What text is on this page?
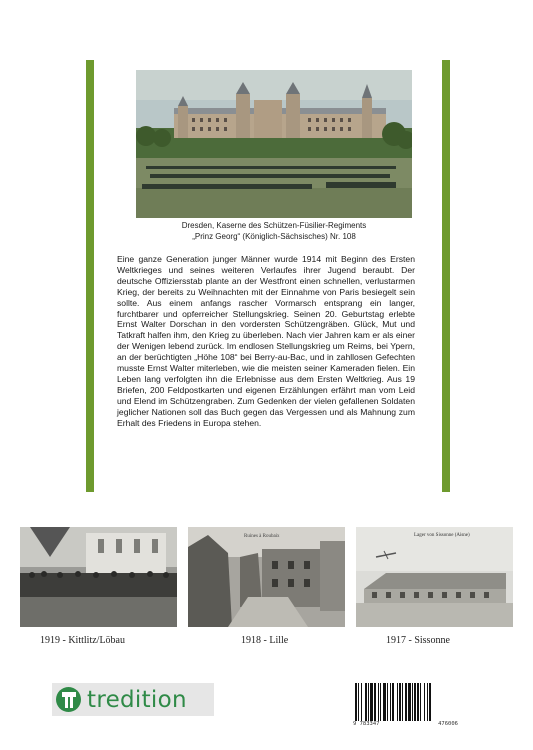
Dresden, Kaserne des Schützen-Füsilier-Regiments
„Prinz Georg“ (Königlich-Sächsisches) Nr. 108
Eine ganze Generation junger Männer wurde 1914 mit Beginn des Ersten Weltkrieges und seines weiteren Verlaufes ihrer Jugend beraubt. Der deutsche Offiziersstab plante an der Westfront einen schnellen, verlustarmen Krieg, der bereits zu Weihnachten mit der Einnahme von Paris besiegelt sein sollte. Aus einem anfangs rascher Vormarsch entsprang ein langer, furchtbarer und opferreicher Stellungskrieg. Seinen 20. Geburtstag erlebte Ernst Walter Dorschan in den vordersten Schützengräben. Glück, Mut und Tatkraft halfen ihm, den Krieg zu überleben. Nach vier Jahren kam er als einer der Wenigen lebend zurück. Im endlosen Stellungskrieg um Reims, bei Ypern, an der berüchtigten „Höhe 108“ bei Berry-au-Bac, und in zahllosen Gefechten musste Ernst Walter miterleben, wie die meisten seiner Kameraden fielen. Ein Leben lang verfolgten ihn die Erlebnisse aus dem Ersten Weltkrieg. Aus 19 Briefen, 200 Feldpostkarten und eigenen Erzählungen erfährt man vom Leid und Elend im Schützengraben. Zum Gedenken der vielen gefallenen Soldaten jeglicher Nationen soll das Buch gegen das Vergessen und als Mahnung zum Erhalt des Friedens in Europa stehen.
1919 - Kittlitz/Löbau
Ruines à Roubaix
1918 - Lille
Lager von Sissonne (Aisne)
1917 - Sissonne
tredition
9 783347	476006
